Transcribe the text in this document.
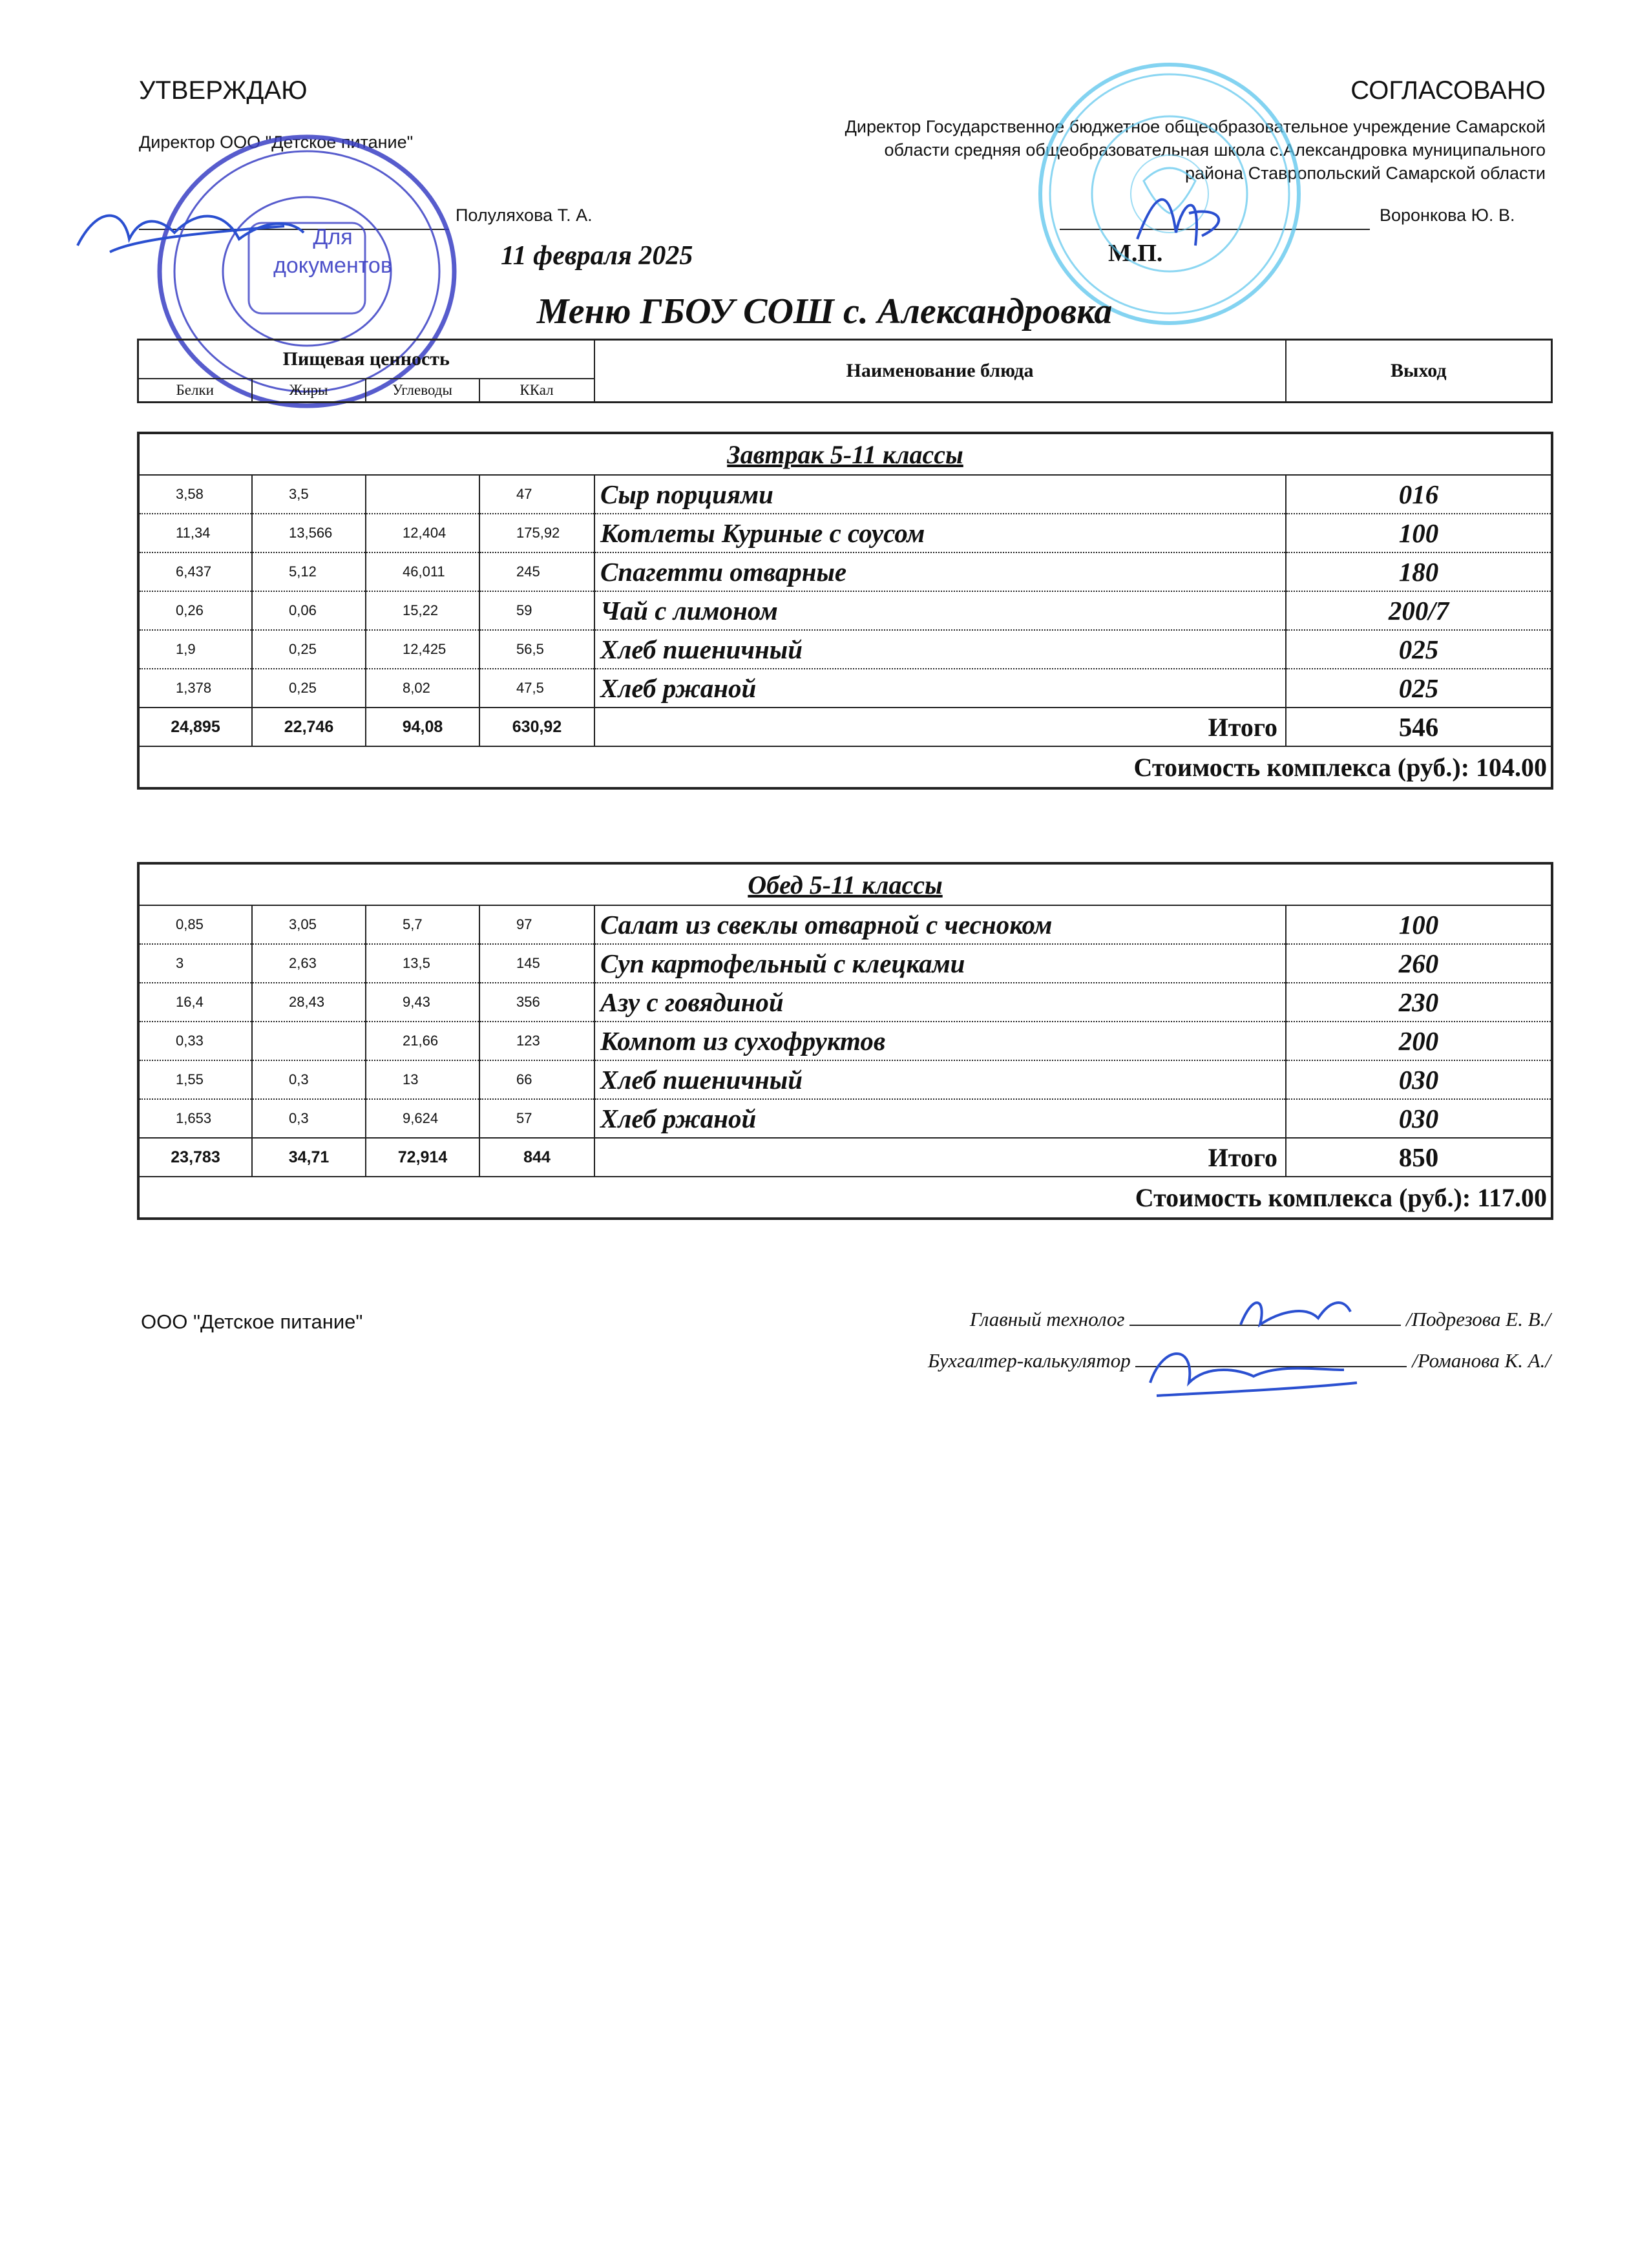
УТВЕРЖДАЮ
Директор ООО "Детское питание"
Полуляхова Т. А.
11 февраля 2025
СОГЛАСОВАНО
Директор Государственное бюджетное общеобразовательное учреждение Самарской
области средняя общеобразовательная школа с.Александровка муниципального
района Ставропольский Самарской области
Воронкова Ю. В.
М.П.
Для
документов
Меню ГБОУ СОШ с. Александровка
Пищевая ценность				Наименование блюда	Выход
Белки	Жиры	Углеводы	ККал		
Завтрак 5-11 классы					
3,58	3,5		47	Сыр порциями	016
11,34	13,566	12,404	175,92	Котлеты Куриные с соусом	100
6,437	5,12	46,011	245	Спагетти отварные	180
0,26	0,06	15,22	59	Чай с лимоном	200/7
1,9	0,25	12,425	56,5	Хлеб пшеничный	025
1,378	0,25	8,02	47,5	Хлеб ржаной	025
24,895	22,746	94,08	630,92	Итого	546
Стоимость комплекса (руб.): 104.00					
Обед 5-11 классы					
0,85	3,05	5,7	97	Салат из свеклы отварной с чесноком	100
3	2,63	13,5	145	Суп картофельный с клецками	260
16,4	28,43	9,43	356	Азу с говядиной	230
0,33		21,66	123	Компот из сухофруктов	200
1,55	0,3	13	66	Хлеб пшеничный	030
1,653	0,3	9,624	57	Хлеб ржаной	030
23,783	34,71	72,914	844	Итого	850
Стоимость комплекса (руб.): 117.00					
ООО "Детское питание"	Главный технолог	/Подрезова Е. В./
Бухгалтер-калькулятор	/Романова К. А./
